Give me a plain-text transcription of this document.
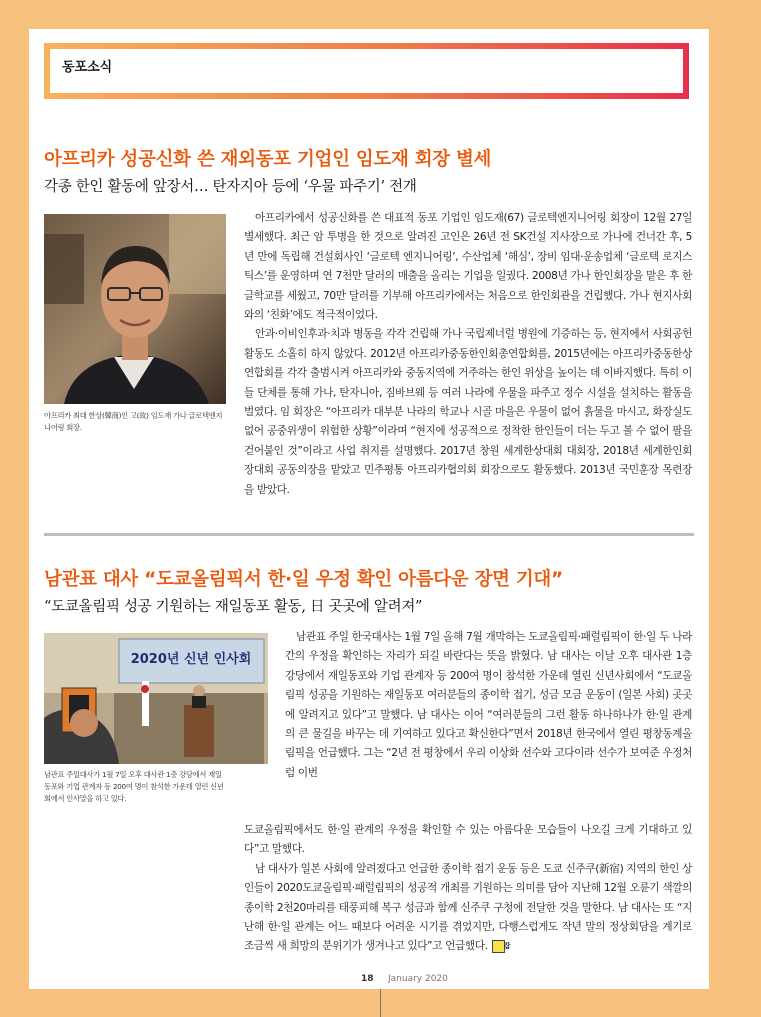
동포소식
아프리카 성공신화 쓴 재외동포 기업인 임도재 회장 별세
각종 한인 활동에 앞장서… 탄자지아 등에 ‘우물 파주기’ 전개
아프리카 최대 한상(韓商)인 고(故) 임도재 가나 글로텍엔지니어링 회장.

아프리카에서 성공신화를 쓴 대표적 동포 기업인 임도재(67) 글로텍엔지니어링 회장이 12월 27일 별세했다. 최근 암 투병을 한 것으로 알려진 고인은 26년 전 SK건설 지사장으로 가나에 건너간 후, 5년 만에 독립해 건설회사인 ‘글로텍 엔지니어링’, 수산업체 ‘해심’, 장비 임대·운송업체 ‘글로텍 로지스틱스’를 운영하며 연 7천만 달러의 매출을 올리는 기업을 일궜다. 2008년 가나 한인회장을 맡은 후 한글학교를 세웠고, 70만 달러를 기부해 아프리카에서는 처음으로 한인회관을 건립했다. 가나 현지사회와의 ‘친화’에도 적극적이었다.

안과·이비인후과·치과 병동을 각각 건립해 가나 국립제너럴 병원에 기증하는 등, 현지에서 사회공헌활동도 소홀히 하지 않았다. 2012년 아프리카중동한인회총연합회를, 2015년에는 아프리카중동한상연합회를 각각 출범시켜 아프리카와 중동지역에 거주하는 한인 위상을 높이는 데 이바지했다. 특히 이들 단체를 통해 가나, 탄자니아, 짐바브웨 등 여러 나라에 우물을 파주고 정수 시설을 설치하는 활동을 벌였다. 임 회장은 “아프리카 대부분 나라의 학교나 시골 마을은 우물이 없어 흙물을 마시고, 화장실도 없어 공중위생이 위험한 상황”이라며 “현지에 성공적으로 정착한 한인들이 더는 두고 볼 수 없어 팔을 걷어붙인 것”이라고 사업 취지를 설명했다. 2017년 창원 세계한상대회 대회장, 2018년 세계한인회장대회 공동의장을 맡았고 민주평통 아프리카협의회 회장으로도 활동했다. 2013년 국민훈장 목련장을 받았다.

남관표 대사 “도쿄올림픽서 한·일 우정 확인 아름다운 장면 기대”
“도쿄올림픽 성공 기원하는 재일동포 활동, 日 곳곳에 알려져”
2020년 신년 인사회
남관표 주일대사가 1월 7일 오후 대사관 1층 강당에서 재일동포와 기업 관계자 등 200여 명이 참석한 가운데 열린 신년회에서 인사말을 하고 있다.

남관표 주일 한국대사는 1월 7일 올해 7월 개막하는 도쿄올림픽·패럴림픽이 한·일 두 나라 간의 우정을 확인하는 자리가 되길 바란다는 뜻을 밝혔다. 남 대사는 이날 오후 대사관 1층 강당에서 재일동포와 기업 관계자 등 200여 명이 참석한 가운데 열린 신년사회에서 “도쿄올림픽 성공을 기원하는 재일동포 여러분들의 종이학 접기, 성금 모금 운동이 (일본 사회) 곳곳에 알려지고 있다”고 말했다. 남 대사는 이어 “여러분들의 그런 활동 하나하나가 한·일 관계의 큰 물길을 바꾸는 데 기여하고 있다고 확신한다”면서 2018년 한국에서 열린 평창동계올림픽을 언급했다. 그는 “2년 전 평창에서 우리 이상화 선수와 고다이라 선수가 보여준 우정처럼 이번

도쿄올림픽에서도 한·일 관계의 우정을 확인할 수 있는 아름다운 모습들이 나오길 크게 기대하고 있다”고 말했다.

남 대사가 일본 사회에 알려졌다고 언급한 종이학 접기 운동 등은 도쿄 신주쿠(新宿) 지역의 한인 상인들이 2020도쿄올림픽·패럴림픽의 성공적 개최를 기원하는 의미를 담아 지난해 12월 오륜기 색깔의 종이학 2천20마리를 태풍피해 복구 성금과 함께 신주쿠 구청에 전달한 것을 말한다. 남 대사는 또 “지난해 한·일 관계는 어느 때보다 어려운 시기를 겪었지만, 다행스럽게도 작년 말의 정상회담을 계기로 조금씩 새 희망의 분위기가 생겨나고 있다”고 언급했다. 잡

18 January 2020
